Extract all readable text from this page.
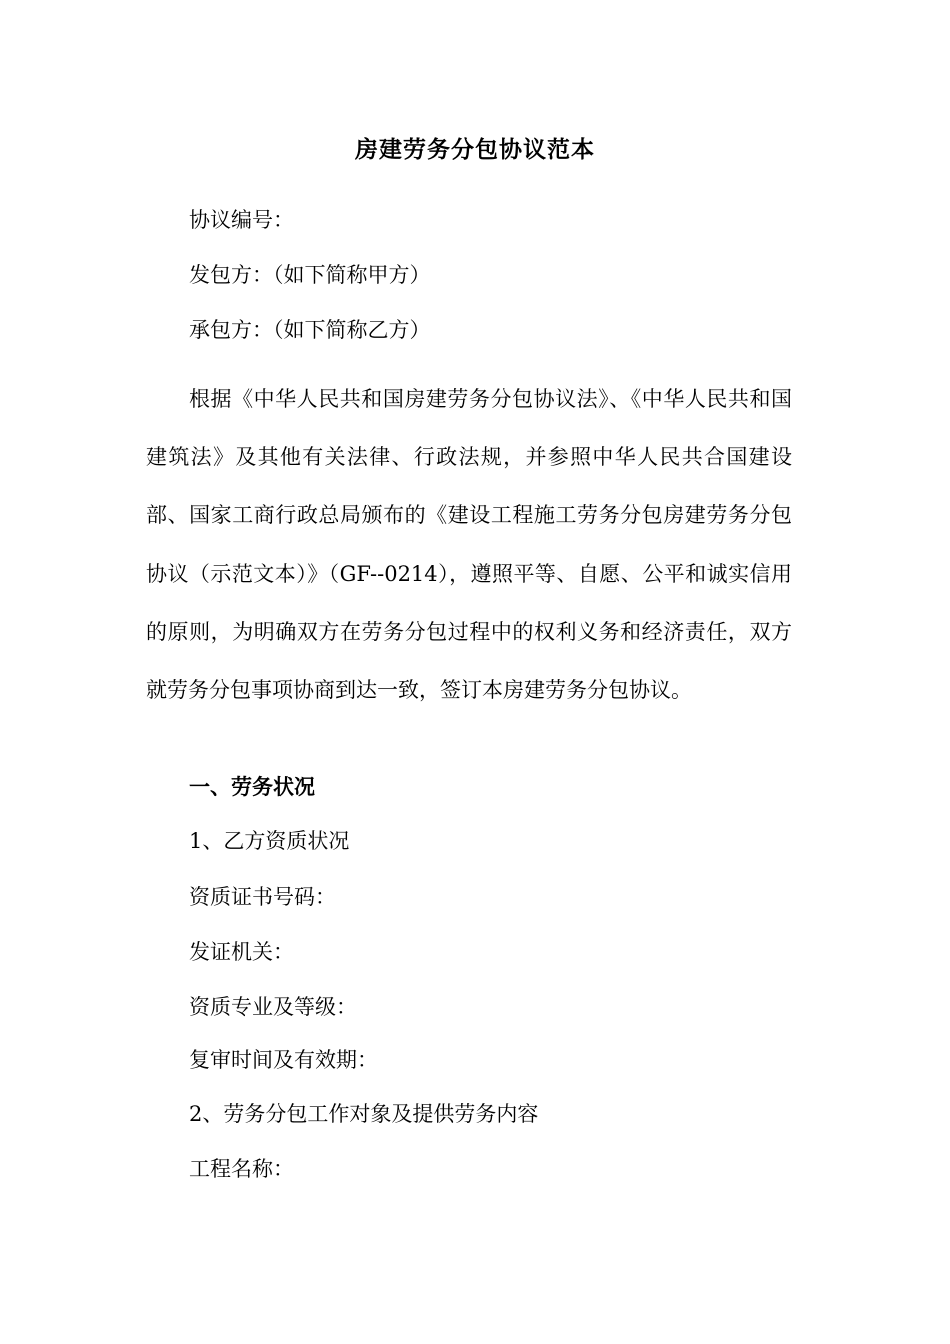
房建劳务分包协议范本
协议编号：
发包方：（如下简称甲方）
承包方：（如下简称乙方）

根据《中华人民共和国房建劳务分包协议法》、《中华人民共和国建筑法》及其他有关法律、行政法规，并参照中华人民共合国建设部、国家工商行政总局颁布的《建设工程施工劳务分包房建劳务分包协议（示范文本）》（GF--0214），遵照平等、自愿、公平和诚实信用的原则，为明确双方在劳务分包过程中的权利义务和经济责任，双方就劳务分包事项协商到达一致，签订本房建劳务分包协议。

一、劳务状况
1、乙方资质状况
资质证书号码：
发证机关：
资质专业及等级：
复审时间及有效期：
2、劳务分包工作对象及提供劳务内容
工程名称：
